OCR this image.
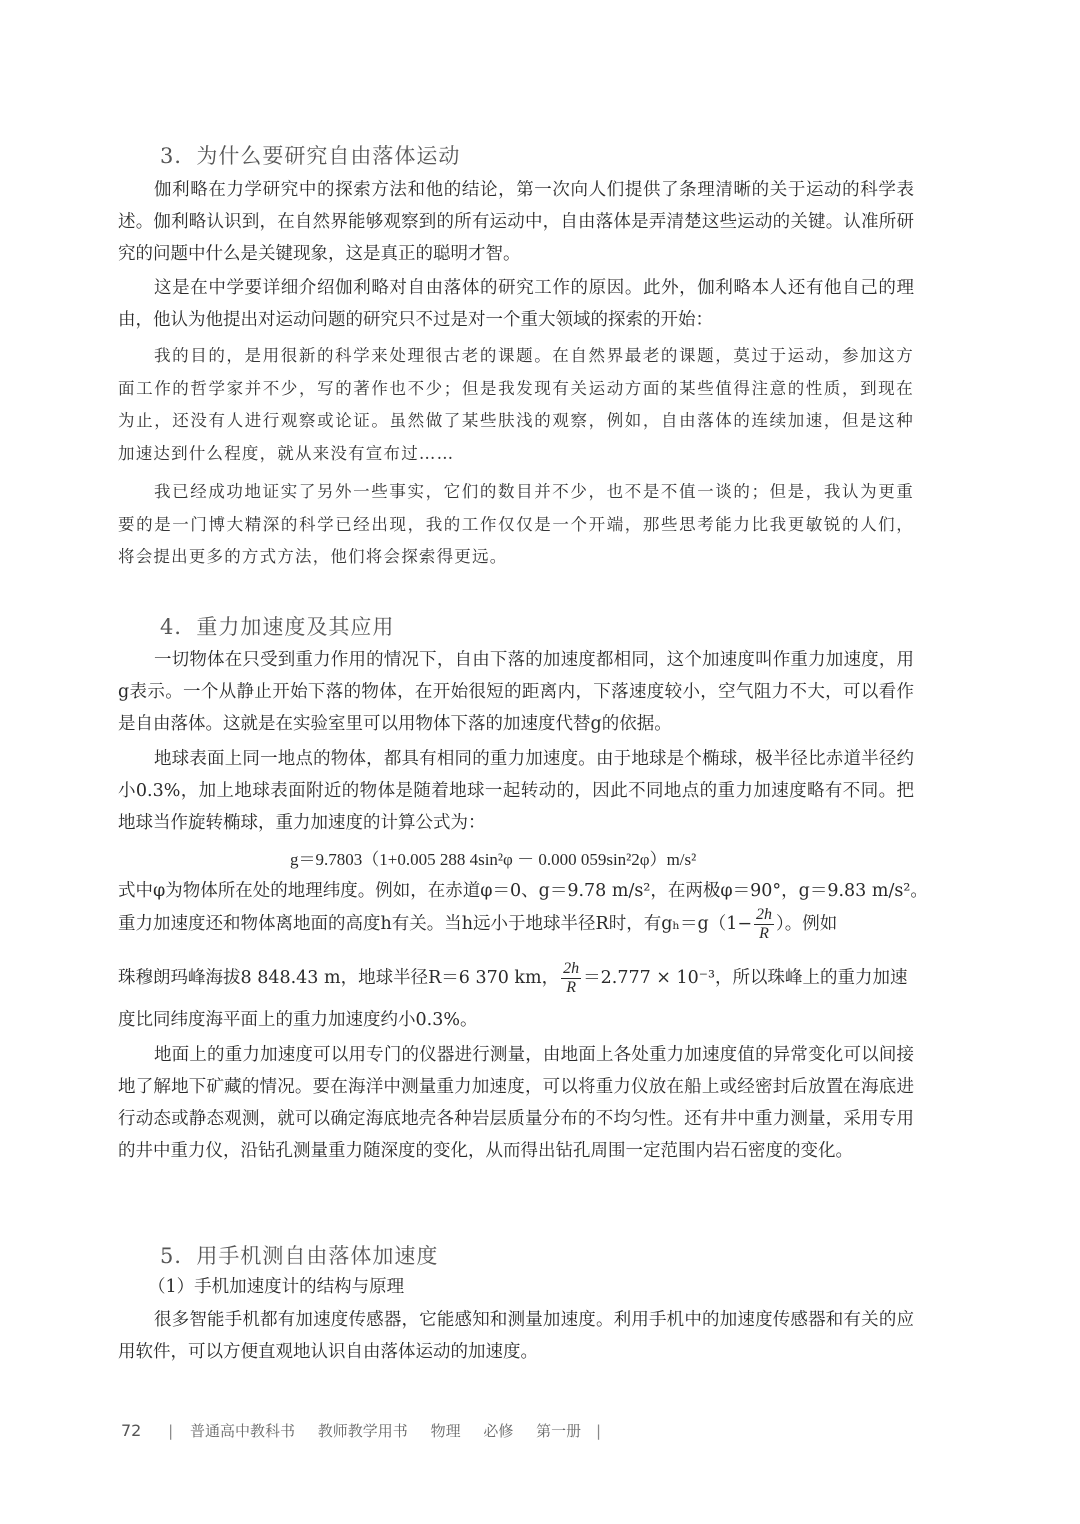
3．为什么要研究自由落体运动

伽利略在力学研究中的探索方法和他的结论，第一次向人们提供了条理清晰的关于运动的科学表述。伽利略认识到，在自然界能够观察到的所有运动中，自由落体是弄清楚这些运动的关键。认准所研究的问题中什么是关键现象，这是真正的聪明才智。

这是在中学要详细介绍伽利略对自由落体的研究工作的原因。此外，伽利略本人还有他自己的理由，他认为他提出对运动问题的研究只不过是对一个重大领域的探索的开始：

我的目的，是用很新的科学来处理很古老的课题。在自然界最老的课题，莫过于运动，参加这方面工作的哲学家并不少，写的著作也不少；但是我发现有关运动方面的某些值得注意的性质，到现在为止，还没有人进行观察或论证。虽然做了某些肤浅的观察，例如，自由落体的连续加速，但是这种加速达到什么程度，就从来没有宣布过……

我已经成功地证实了另外一些事实，它们的数目并不少，也不是不值一谈的；但是，我认为更重要的是一门博大精深的科学已经出现，我的工作仅仅是一个开端，那些思考能力比我更敏锐的人们，将会提出更多的方式方法，他们将会探索得更远。

4．重力加速度及其应用

一切物体在只受到重力作用的情况下，自由下落的加速度都相同，这个加速度叫作重力加速度，用g表示。一个从静止开始下落的物体，在开始很短的距离内，下落速度较小，空气阻力不大，可以看作是自由落体。这就是在实验室里可以用物体下落的加速度代替g的依据。

地球表面上同一地点的物体，都具有相同的重力加速度。由于地球是个椭球，极半径比赤道半径约小0.3%，加上地球表面附近的物体是随着地球一起转动的，因此不同地点的重力加速度略有不同。把地球当作旋转椭球，重力加速度的计算公式为：

g＝9.7803（1+0.005 288 4sin²φ － 0.000 059sin²2φ）m/s²
式中φ为物体所在处的地理纬度。例如，在赤道φ＝0、g＝9.78 m/s²，在两极φ＝90°，g＝9.83 m/s²。
重力加速度还和物体离地面的高度h有关。当h远小于地球半径R时，有$g_h=g(1- \frac{2h}{R}$ ）。例如
珠穆朗玛峰海拔8 848.43 m，地球半径R＝6 370 km， $\frac{2h}{R} =2.777 \times 10^{-3}$，所以珠峰上的重力加速
度比同纬度海平面上的重力加速度约小0.3%。

地面上的重力加速度可以用专门的仪器进行测量，由地面上各处重力加速度值的异常变化可以间接地了解地下矿藏的情况。要在海洋中测量重力加速度，可以将重力仪放在船上或经密封后放置在海底进行动态或静态观测，就可以确定海底地壳各种岩层质量分布的不均匀性。还有井中重力测量，采用专用的井中重力仪，沿钻孔测量重力随深度的变化，从而得出钻孔周围一定范围内岩石密度的变化。

5．用手机测自由落体加速度
（1）手机加速度计的结构与原理

很多智能手机都有加速度传感器，它能感知和测量加速度。利用手机中的加速度传感器和有关的应用软件，可以方便直观地认识自由落体运动的加速度。

72 | 普通高中教科书 教师教学用书 物理 必修 第一册 |
